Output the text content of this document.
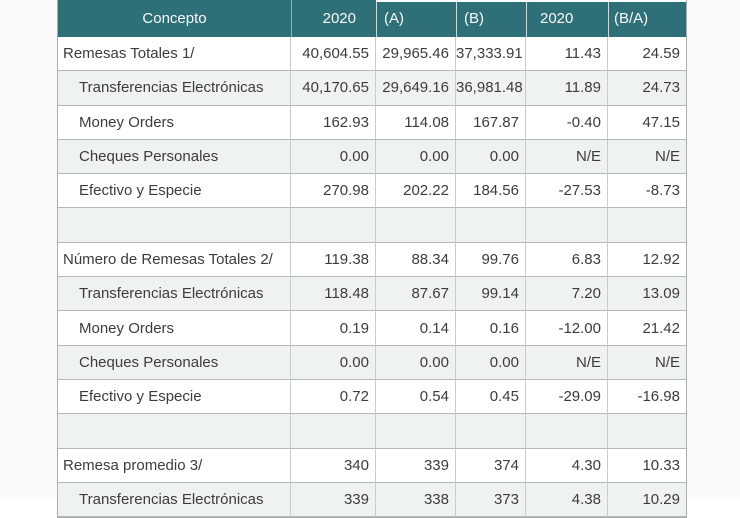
Concepto	2020	(A)	(B)	2020	(B/A)
Remesas Totales 1/	40,604.55	29,965.46	37,333.91	11.43	24.59
Transferencias Electrónicas	40,170.65	29,649.16	36,981.48	11.89	24.73
Money Orders	162.93	114.08	167.87	-0.40	47.15
Cheques Personales	0.00	0.00	0.00	N/E	N/E
Efectivo y Especie	270.98	202.22	184.56	-27.53	-8.73

Número de Remesas Totales 2/	119.38	88.34	99.76	6.83	12.92
Transferencias Electrónicas	118.48	87.67	99.14	7.20	13.09
Money Orders	0.19	0.14	0.16	-12.00	21.42
Cheques Personales	0.00	0.00	0.00	N/E	N/E
Efectivo y Especie	0.72	0.54	0.45	-29.09	-16.98

Remesa promedio 3/	340	339	374	4.30	10.33
Transferencias Electrónicas	339	338	373	4.38	10.29
